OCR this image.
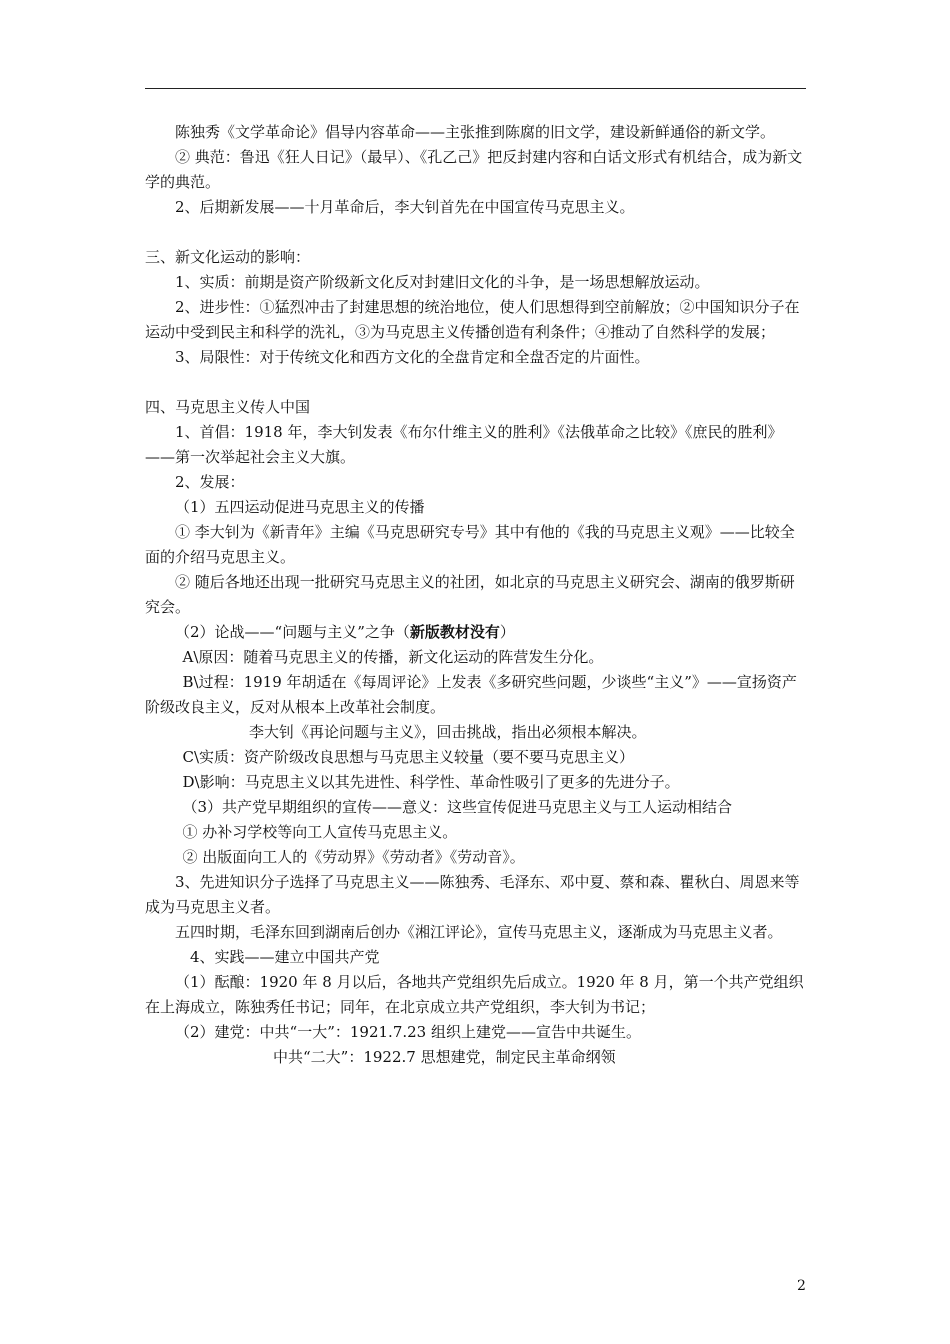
陈独秀《文学革命论》倡导内容革命——主张推到陈腐的旧文学，建设新鲜通俗的新文学。

② 典范：鲁迅《狂人日记》（最早）、《孔乙己》把反封建内容和白话文形式有机结合，成为新文学的典范。

2、后期新发展——十月革命后，李大钊首先在中国宣传马克思主义。

三、新文化运动的影响：

1、实质：前期是资产阶级新文化反对封建旧文化的斗争，是一场思想解放运动。

2、进步性：①猛烈冲击了封建思想的统治地位，使人们思想得到空前解放；②中国知识分子在运动中受到民主和科学的洗礼，③为马克思主义传播创造有利条件；④推动了自然科学的发展；

3、局限性：对于传统文化和西方文化的全盘肯定和全盘否定的片面性。

四、马克思主义传人中国

1、首倡：1918 年，李大钊发表《布尔什维主义的胜利》《法俄革命之比较》《庶民的胜利》——第一次举起社会主义大旗。

2、发展：

（1）五四运动促进马克思主义的传播

① 李大钊为《新青年》主编《马克思研究专号》其中有他的《我的马克思主义观》——比较全面的介绍马克思主义。

② 随后各地还出现一批研究马克思主义的社团，如北京的马克思主义研究会、湖南的俄罗斯研究会。

（2）论战——“问题与主义”之争（新版教材没有）

A\原因：随着马克思主义的传播，新文化运动的阵营发生分化。

B\过程：1919 年胡适在《每周评论》上发表《多研究些问题，少谈些“主义”》——宣扬资产阶级改良主义，反对从根本上改革社会制度。

李大钊《再论问题与主义》，回击挑战，指出必须根本解决。

C\实质：资产阶级改良思想与马克思主义较量（要不要马克思主义）

D\影响：马克思主义以其先进性、科学性、革命性吸引了更多的先进分子。

（3）共产党早期组织的宣传——意义：这些宣传促进马克思主义与工人运动相结合

① 办补习学校等向工人宣传马克思主义。

② 出版面向工人的《劳动界》《劳动者》《劳动音》。

3、先进知识分子选择了马克思主义——陈独秀、毛泽东、邓中夏、蔡和森、瞿秋白、周恩来等成为马克思主义者。

五四时期，毛泽东回到湖南后创办《湘江评论》，宣传马克思主义，逐渐成为马克思主义者。

4、实践——建立中国共产党

（1）酝酿：1920 年 8 月以后，各地共产党组织先后成立。1920 年 8 月，第一个共产党组织在上海成立，陈独秀任书记；同年，在北京成立共产党组织，李大钊为书记；

（2）建党：中共“一大”：1921.7.23 组织上建党——宣告中共诞生。

中共“二大”：1922.7 思想建党，制定民主革命纲领

2
